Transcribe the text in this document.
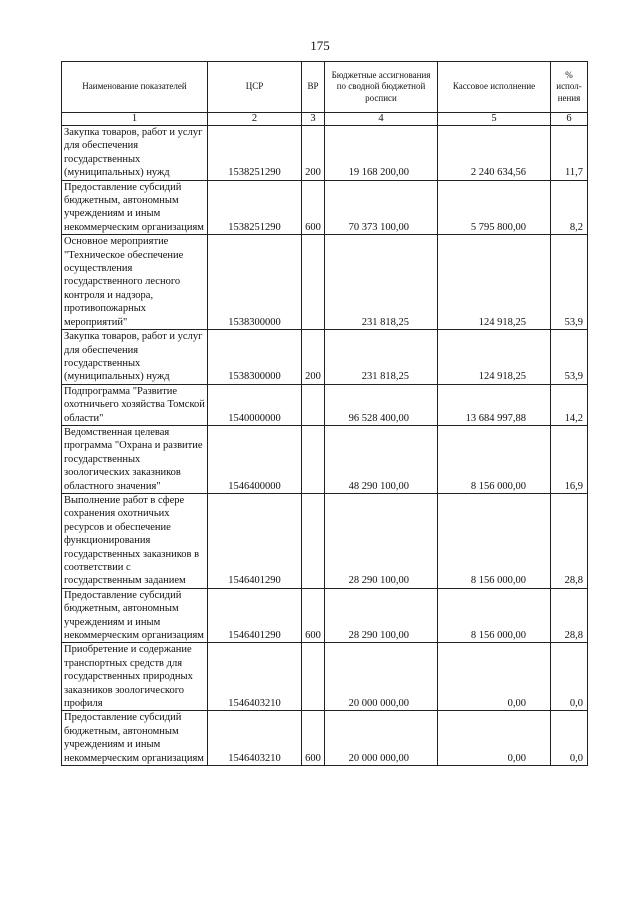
175
Наименование показателей	ЦСР	ВР	Бюджетные ассигнования по сводной бюджетной росписи	Кассовое исполнение	% испол-нения
1	2	3	4	5	6
Закупка товаров, работ и услуг для обеспечения государственных (муниципальных) нужд	1538251290	200	19 168 200,00	2 240 634,56	11,7
Предоставление субсидий бюджетным, автономным учреждениям и иным некоммерческим организациям	1538251290	600	70 373 100,00	5 795 800,00	8,2
Основное мероприятие "Техническое обеспечение осуществления государственного лесного контроля и надзора, противопожарных мероприятий"	1538300000		231 818,25	124 918,25	53,9
Закупка товаров, работ и услуг для обеспечения государственных (муниципальных) нужд	1538300000	200	231 818,25	124 918,25	53,9
Подпрограмма "Развитие охотничьего хозяйства Томской области"	1540000000		96 528 400,00	13 684 997,88	14,2
Ведомственная целевая программа "Охрана и развитие государственных зоологических заказников областного значения"	1546400000		48 290 100,00	8 156 000,00	16,9
Выполнение работ в сфере сохранения охотничьих ресурсов и обеспечение функционирования государственных заказников в соответствии с государственным заданием	1546401290		28 290 100,00	8 156 000,00	28,8
Предоставление субсидий бюджетным, автономным учреждениям и иным некоммерческим организациям	1546401290	600	28 290 100,00	8 156 000,00	28,8
Приобретение и содержание транспортных средств для государственных природных заказников зоологического профиля	1546403210		20 000 000,00	0,00	0,0
Предоставление субсидий бюджетным, автономным учреждениям и иным некоммерческим организациям	1546403210	600	20 000 000,00	0,00	0,0
